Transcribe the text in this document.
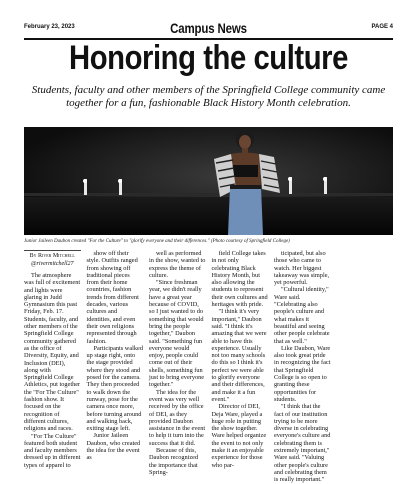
February 23, 2023	Campus News	PAGE 4
Honoring the culture
Students, faculty and other members of the Springfield College community came together for a fun, fashionable Black History Month celebration.
Junior Jaileen Daubon created "For the Culture" to "glorify everyone and their differences." (Photo courtesy of Springfield College)
By River Mitchell
@rivermitchell27

The atmosphere was full of excitement and lights were glaring in Judd Gymnasium this past Friday, Feb. 17. Students, faculty, and other members of the Springfield College community gathered as the office of Diversity, Equity, and Inclusion (DEI), along with Springfield College Athletics, put together the "For The Culture" fashion show. It focused on the recognition of different cultures, religions and races.

"For The Culture" featured both student and faculty members dressed up in different types of apparel to

show off their style. Outfits ranged from showing off traditional pieces from their home countries, fashion trends from different decades, various cultures and identities, and even their own religions represented through fashion.

Participants walked up stage right, onto the stage provided where they stood and posed for the camera. They then proceeded to walk down the runway, pose for the camera once more, before turning around and walking back, exiting stage left.

Junior Jaileen Daubon, who created the idea for the event as

well as performed in the show, wanted to express the theme of culture.

"Since freshman year, we didn't really have a great year because of COVID, so I just wanted to do something that would bring the people together," Daubon said. "Something fun everyone would enjoy, people could come out of their shells, something fun just to bring everyone together."

The idea for the event was very well received by the office of DEI, as they provided Daubon assistance in the event to help it turn into the success that it did.

Because of this, Daubon recognized the importance that Spring-

field College takes in not only celebrating Black History Month, but also allowing the students to represent their own cultures and heritages with pride.

"I think it's very important," Daubon said. "I think it's amazing that we were able to have this experience. Usually not too many schools do this so I think it's perfect we were able to glorify everyone and their differences, and make it a fun event."

Director of DEI, Deja Ware, played a huge role in putting the show together. Ware helped organize the event to not only make it an enjoyable experience for those who par-

ticipated, but also those who came to watch. Her biggest takeaway was simple, yet powerful.

"Cultural identity," Ware said. "Celebrating also people's culture and what makes it beautiful and seeing other people celebrate that as well."

Like Daubon, Ware also took great pride in recognizing the fact that Springfield College is so open to granting these opportunities for students.

"I think that the fact of our institution trying to be more diverse in celebrating everyone's culture and celebrating them is extremely important," Ware said. "Valuing other people's culture and celebrating them is really important."
